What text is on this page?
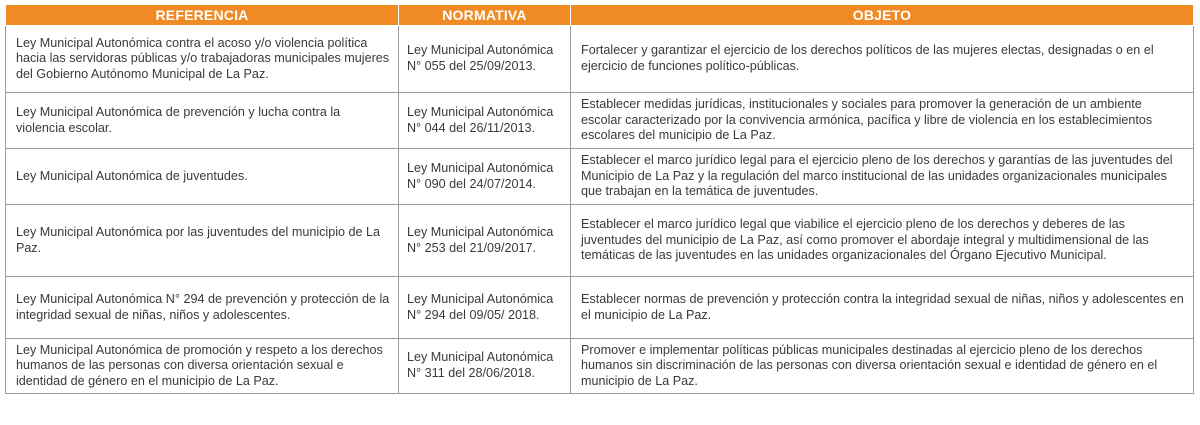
REFERENCIA	NORMATIVA	OBJETO
Ley Municipal Autonómica contra el acoso y/o violencia política hacia las servidoras públicas y/o trabajadoras municipales mujeres del Gobierno Autónomo Municipal de La Paz.	Ley Municipal Autonómica N° 055 del 25/09/2013.	Fortalecer y garantizar el ejercicio de los derechos políticos de las mujeres electas, designadas o en el ejercicio de funciones político-públicas.
Ley Municipal Autonómica de prevención y lucha contra la violencia escolar.	Ley Municipal Autonómica N° 044 del 26/11/2013.	Establecer medidas jurídicas, institucionales y sociales para promover la generación de un ambiente escolar caracterizado por la convivencia armónica, pacífica y libre de violencia en los establecimientos escolares del municipio de La Paz.
Ley Municipal Autonómica de juventudes.	Ley Municipal Autonómica N° 090 del 24/07/2014.	Establecer el marco jurídico legal para el ejercicio pleno de los derechos y garantías de las juventudes del Municipio de La Paz y la regulación del marco institucional de las unidades organizacionales municipales que trabajan en la temática de juventudes.
Ley Municipal Autonómica por las juventudes del municipio de La Paz.	Ley Municipal Autonómica N° 253 del 21/09/2017.	Establecer el marco jurídico legal que viabilice el ejercicio pleno de los derechos y deberes de las juventudes del municipio de La Paz, así como promover el abordaje integral y multidimensional de las temáticas de las juventudes en las unidades organizacionales del Órgano Ejecutivo Municipal.
Ley Municipal Autonómica N° 294 de prevención y protección de la integridad sexual de niñas, niños y adolescentes.	Ley Municipal Autonómica N° 294 del 09/05/ 2018.	Establecer normas de prevención y protección contra la integridad sexual de niñas, niños y adolescentes en el municipio de La Paz.
Ley Municipal Autonómica de promoción y respeto a los derechos humanos de las personas con diversa orientación sexual e identidad de género en el municipio de La Paz.	Ley Municipal Autonómica N° 311 del 28/06/2018.	Promover e implementar políticas públicas municipales destinadas al ejercicio pleno de los derechos humanos sin discriminación de las personas con diversa orientación sexual e identidad de género en el municipio de La Paz.
